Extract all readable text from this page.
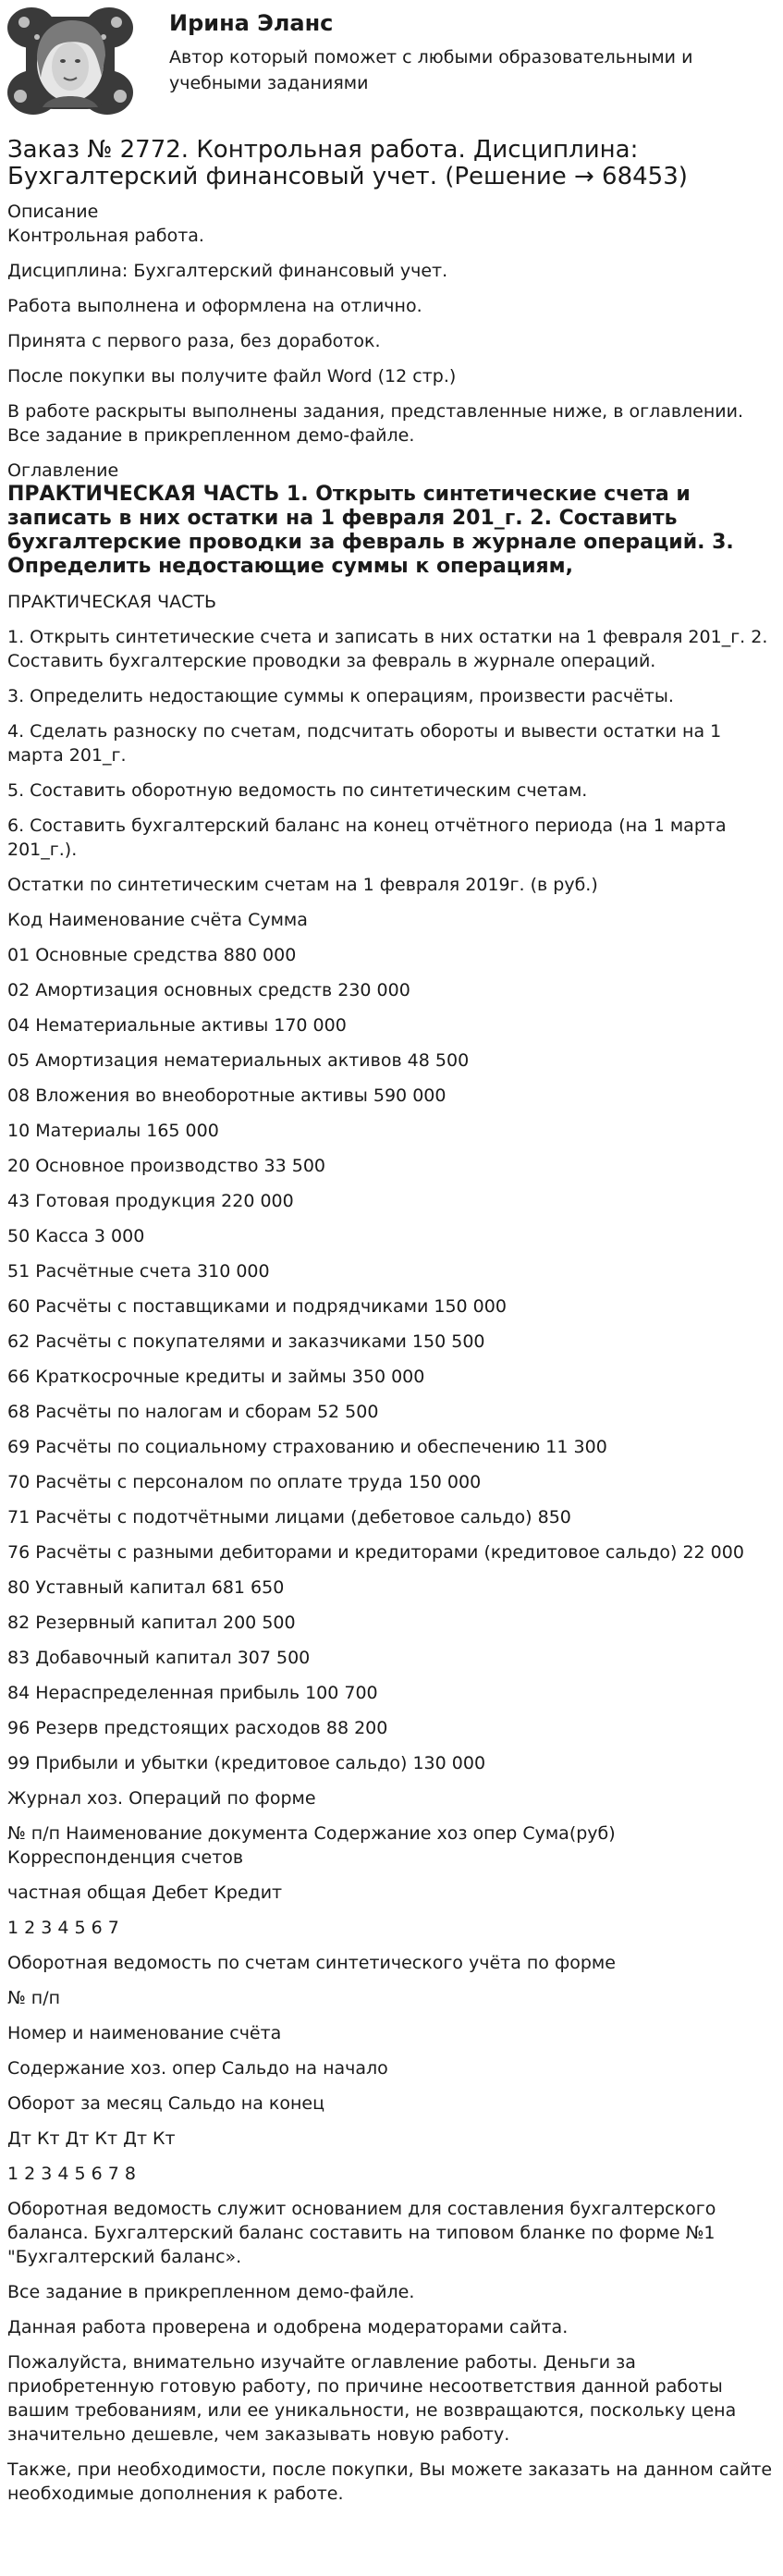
Ирина Эланс

Автор который поможет с любыми образовательными и учебными заданиями

Заказ № 2772. Контрольная работа. Дисциплина: Бухгалтерский финансовый учет. (Решение → 68453)

Описание

Контрольная работа.

Дисциплина: Бухгалтерский финансовый учет.

Работа выполнена и оформлена на отлично.

Принята с первого раза, без доработок.

После покупки вы получите файл Word (12 стр.)

В работе раскрыты выполнены задания, представленные ниже, в оглавлении. Все задание в прикрепленном демо-файле.

Оглавление

ПРАКТИЧЕСКАЯ ЧАСТЬ 1. Открыть синтетические счета и записать в них остатки на 1 февраля 201_г. 2. Составить бухгалтерские проводки за февраль в журнале операций. 3. Определить недостающие суммы к операциям,

ПРАКТИЧЕСКАЯ ЧАСТЬ

1. Открыть синтетические счета и записать в них остатки на 1 февраля 201_г. 2. Составить бухгалтерские проводки за февраль в журнале операций.

3. Определить недостающие суммы к операциям, произвести расчёты.

4. Сделать разноску по счетам, подсчитать обороты и вывести остатки на 1 марта 201_г.

5. Составить оборотную ведомость по синтетическим счетам.

6. Составить бухгалтерский баланс на конец отчётного периода (на 1 марта 201_г.).

Остатки по синтетическим счетам на 1 февраля 2019г. (в руб.)

Код Наименование счёта Сумма

01 Основные средства 880 000

02 Амортизация основных средств 230 000

04 Нематериальные активы 170 000

05 Амортизация нематериальных активов 48 500

08 Вложения во внеоборотные активы 590 000

10 Материалы 165 000

20 Основное производство 33 500

43 Готовая продукция 220 000

50 Касса 3 000

51 Расчётные счета 310 000

60 Расчёты с поставщиками и подрядчиками 150 000

62 Расчёты с покупателями и заказчиками 150 500

66 Краткосрочные кредиты и займы 350 000

68 Расчёты по налогам и сборам 52 500

69 Расчёты по социальному страхованию и обеспечению 11 300

70 Расчёты с персоналом по оплате труда 150 000

71 Расчёты с подотчётными лицами (дебетовое сальдо) 850

76 Расчёты с разными дебиторами и кредиторами (кредитовое сальдо) 22 000

80 Уставный капитал 681 650

82 Резервный капитал 200 500

83 Добавочный капитал 307 500

84 Нераспределенная прибыль 100 700

96 Резерв предстоящих расходов 88 200

99 Прибыли и убытки (кредитовое сальдо) 130 000

Журнал хоз. Операций по форме

№ п/п Наименование документа Содержание хоз опер Сума(руб) Корреспонденция счетов

частная общая Дебет Кредит

1 2 3 4 5 6 7

Оборотная ведомость по счетам синтетического учёта по форме

№ п/п

Номер и наименование счёта

Содержание хоз. опер Сальдо на начало

Оборот за месяц Сальдо на конец

Дт Кт Дт Кт Дт Кт

1 2 3 4 5 6 7 8

Оборотная ведомость служит основанием для составления бухгалтерского баланса. Бухгалтерский баланс составить на типовом бланке по форме №1 "Бухгалтерский баланс».

Все задание в прикрепленном демо-файле.

Данная работа проверена и одобрена модераторами сайта.

Пожалуйста, внимательно изучайте оглавление работы. Деньги за приобретенную готовую работу, по причине несоответствия данной работы вашим требованиям, или ее уникальности, не возвращаются, поскольку цена значительно дешевле, чем заказывать новую работу.

Также, при необходимости, после покупки, Вы можете заказать на данном сайте необходимые дополнения к работе.
